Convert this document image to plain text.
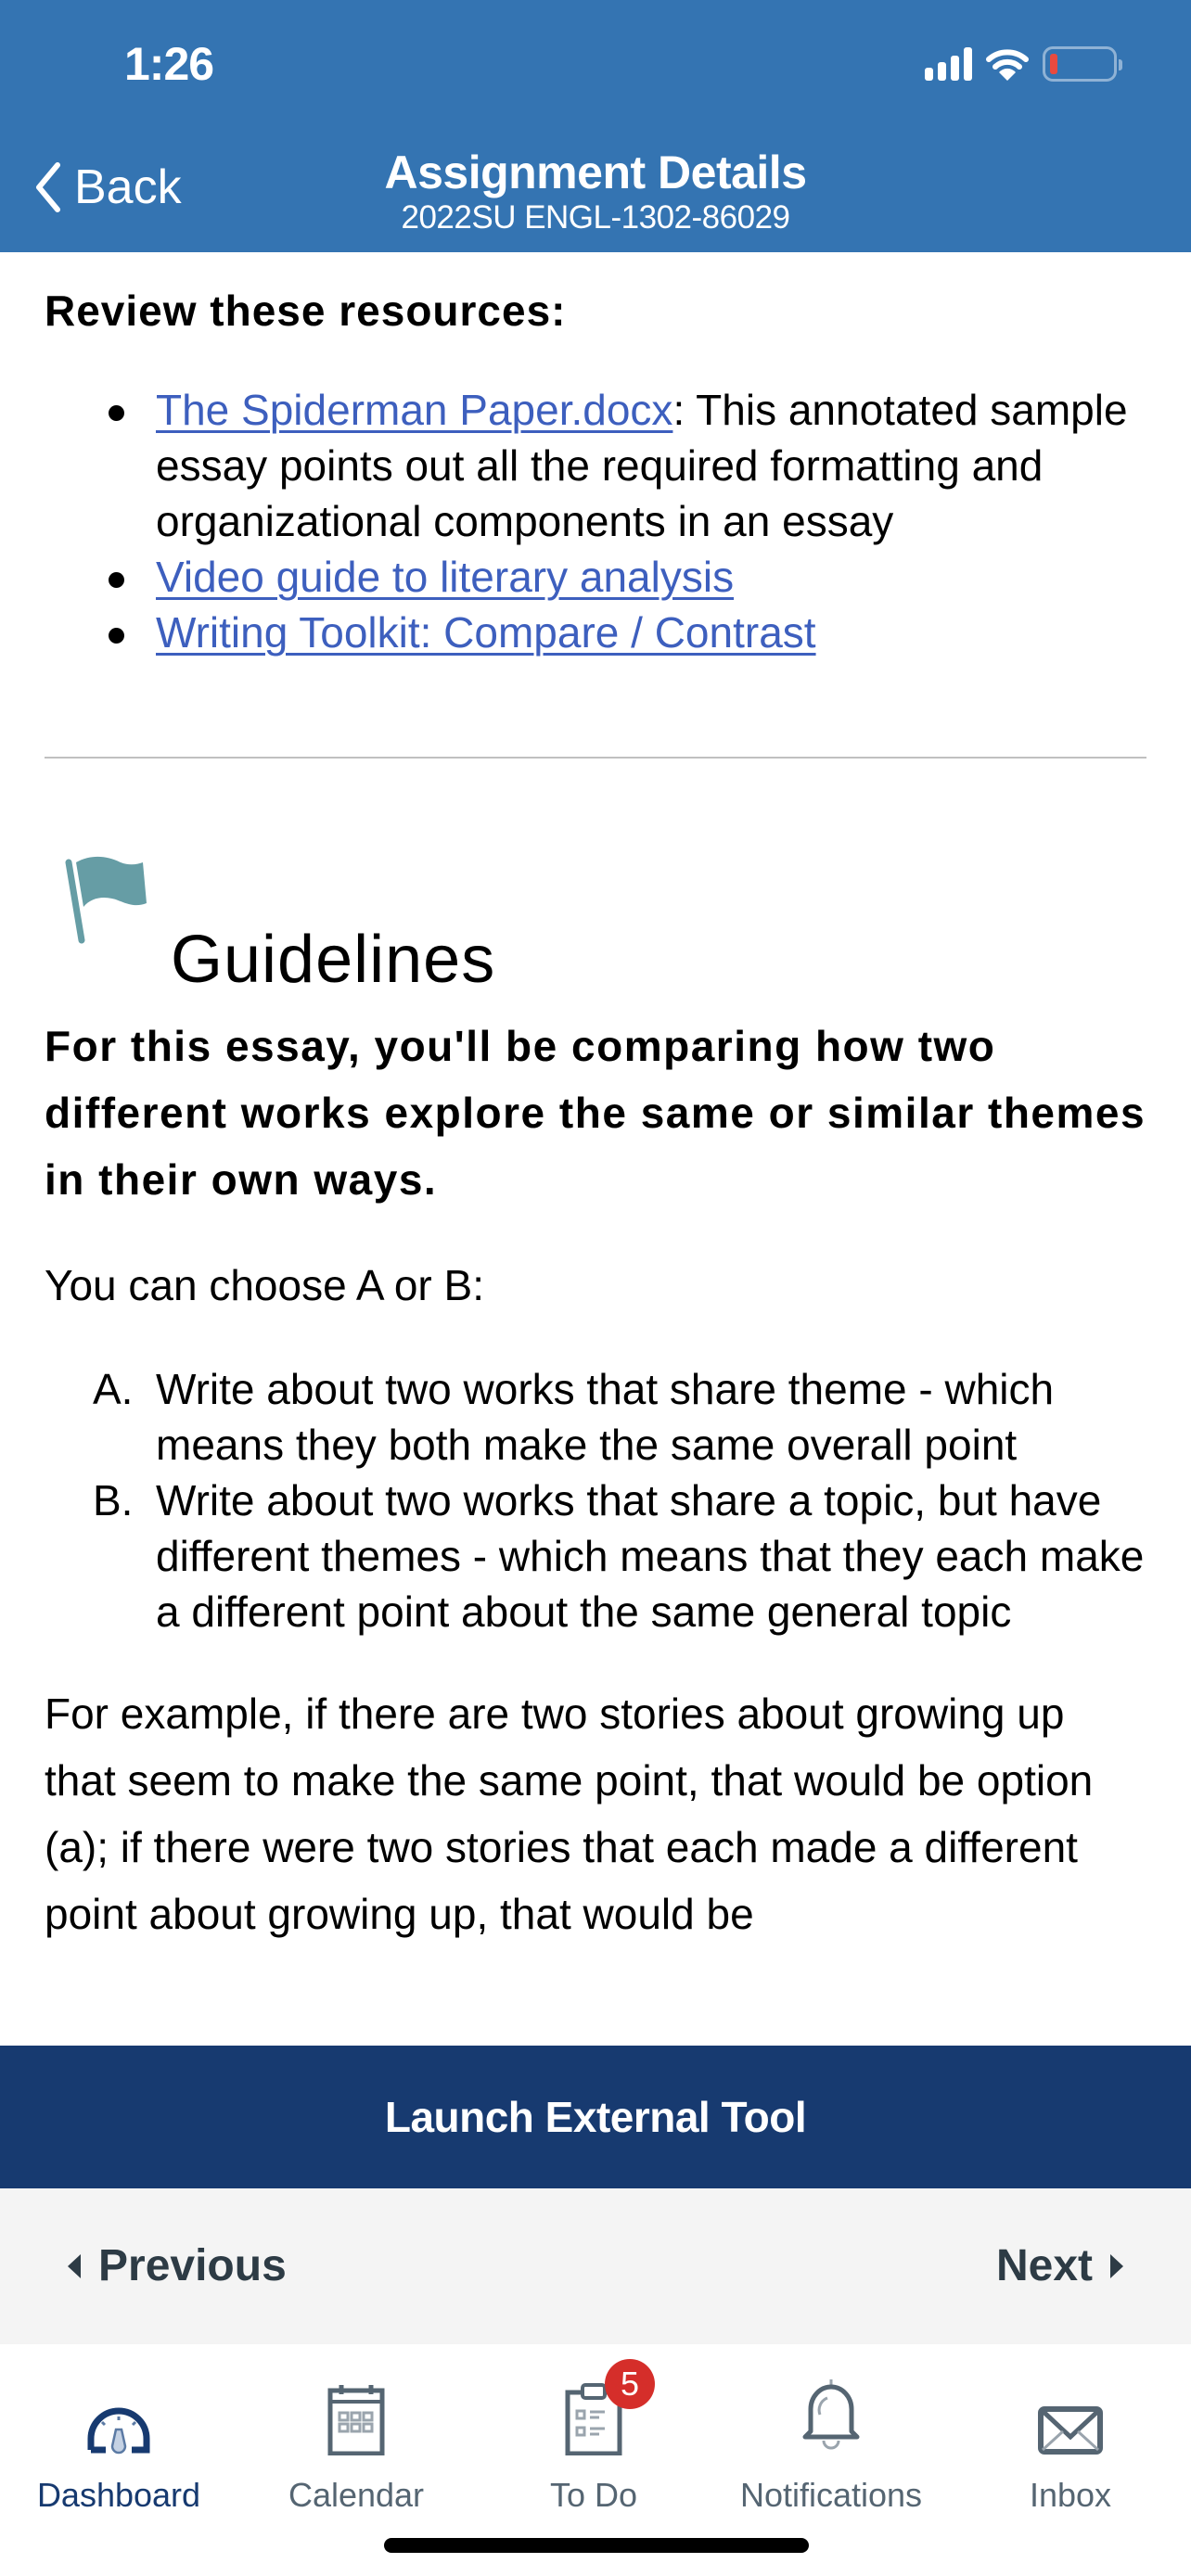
1:26
Back	Assignment Details
2022SU ENGL-1302-86029
Review these resources:
The Spiderman Paper.docx: This annotated sample essay points out all the required formatting and organizational components in an essay
Video guide to literary analysis
Writing Toolkit: Compare / Contrast
Guidelines

For this essay, you'll be comparing how two different works explore the same or similar themes in their own ways.

You can choose A or B:

A. Write about two works that share theme - which means they both make the same overall point
B. Write about two works that share a topic, but have different themes - which means that they each make a different point about the same general topic

For example, if there are two stories about growing up that seem to make the same point, that would be option (a); if there were two stories that each made a different point about growing up, that would be

Launch External Tool
Previous	Next
Dashboard	Calendar
5
To Do	Notifications	Inbox
